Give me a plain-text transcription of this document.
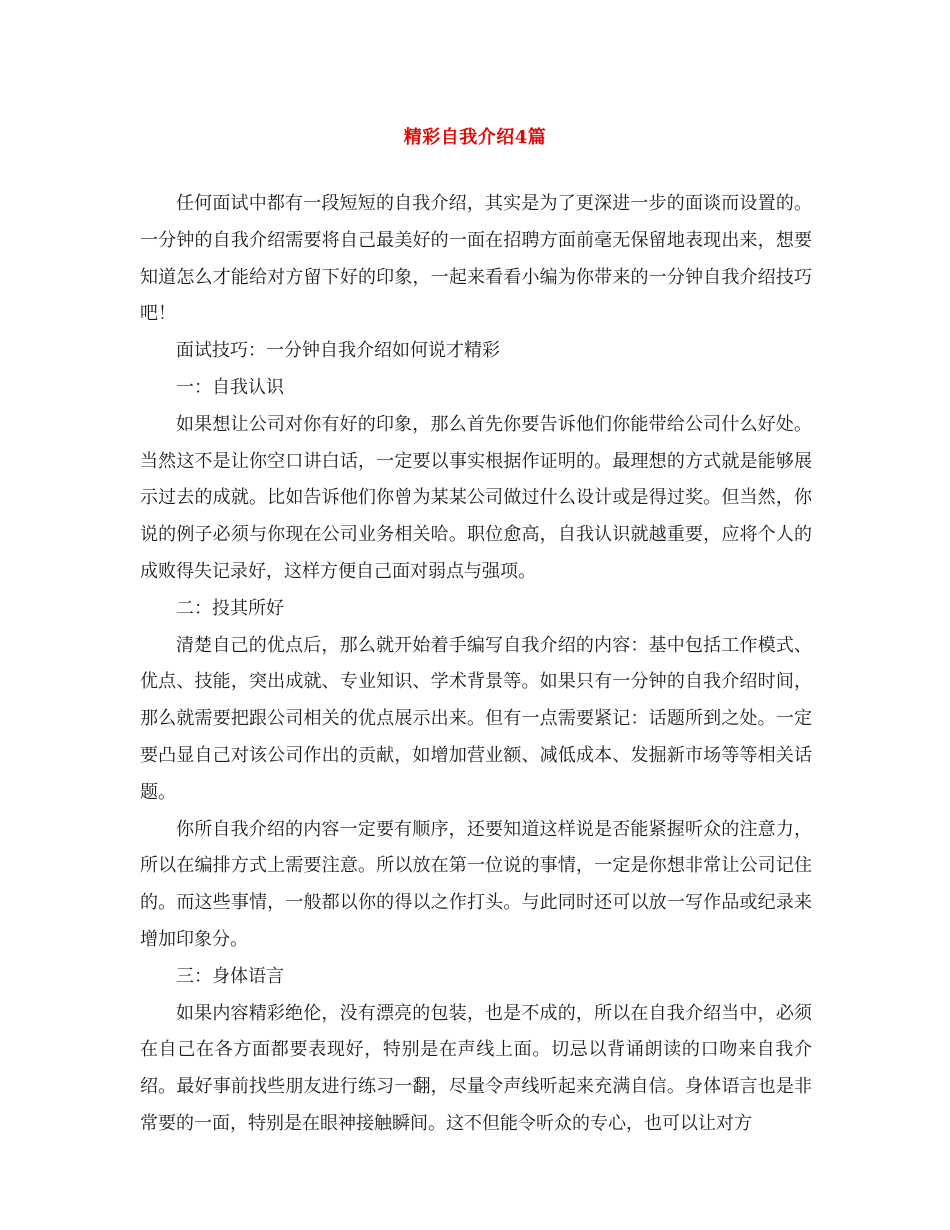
精彩自我介绍4篇

任何面试中都有一段短短的自我介绍，其实是为了更深进一步的面谈而设置的。一分钟的自我介绍需要将自己最美好的一面在招聘方面前毫无保留地表现出来，想要知道怎么才能给对方留下好的印象，一起来看看小编为你带来的一分钟自我介绍技巧吧！

面试技巧：一分钟自我介绍如何说才精彩

一：自我认识

如果想让公司对你有好的印象，那么首先你要告诉他们你能带给公司什么好处。当然这不是让你空口讲白话，一定要以事实根据作证明的。最理想的方式就是能够展示过去的成就。比如告诉他们你曾为某某公司做过什么设计或是得过奖。但当然，你说的例子必须与你现在公司业务相关哈。职位愈高，自我认识就越重要，应将个人的成败得失记录好，这样方便自己面对弱点与强项。

二：投其所好

清楚自己的优点后，那么就开始着手编写自我介绍的内容：基中包括工作模式、优点、技能，突出成就、专业知识、学术背景等。如果只有一分钟的自我介绍时间，那么就需要把跟公司相关的优点展示出来。但有一点需要紧记：话题所到之处。一定要凸显自己对该公司作出的贡献，如增加营业额、减低成本、发掘新市场等等相关话题。

你所自我介绍的内容一定要有顺序，还要知道这样说是否能紧握听众的注意力，所以在编排方式上需要注意。所以放在第一位说的事情，一定是你想非常让公司记住的。而这些事情，一般都以你的得以之作打头。与此同时还可以放一写作品或纪录来增加印象分。

三：身体语言

如果内容精彩绝伦，没有漂亮的包装，也是不成的，所以在自我介绍当中，必须在自己在各方面都要表现好，特别是在声线上面。切忌以背诵朗读的口吻来自我介绍。最好事前找些朋友进行练习一翻，尽量令声线听起来充满自信。身体语言也是非常要的一面，特别是在眼神接触瞬间。这不但能令听众的专心，也可以让对方
